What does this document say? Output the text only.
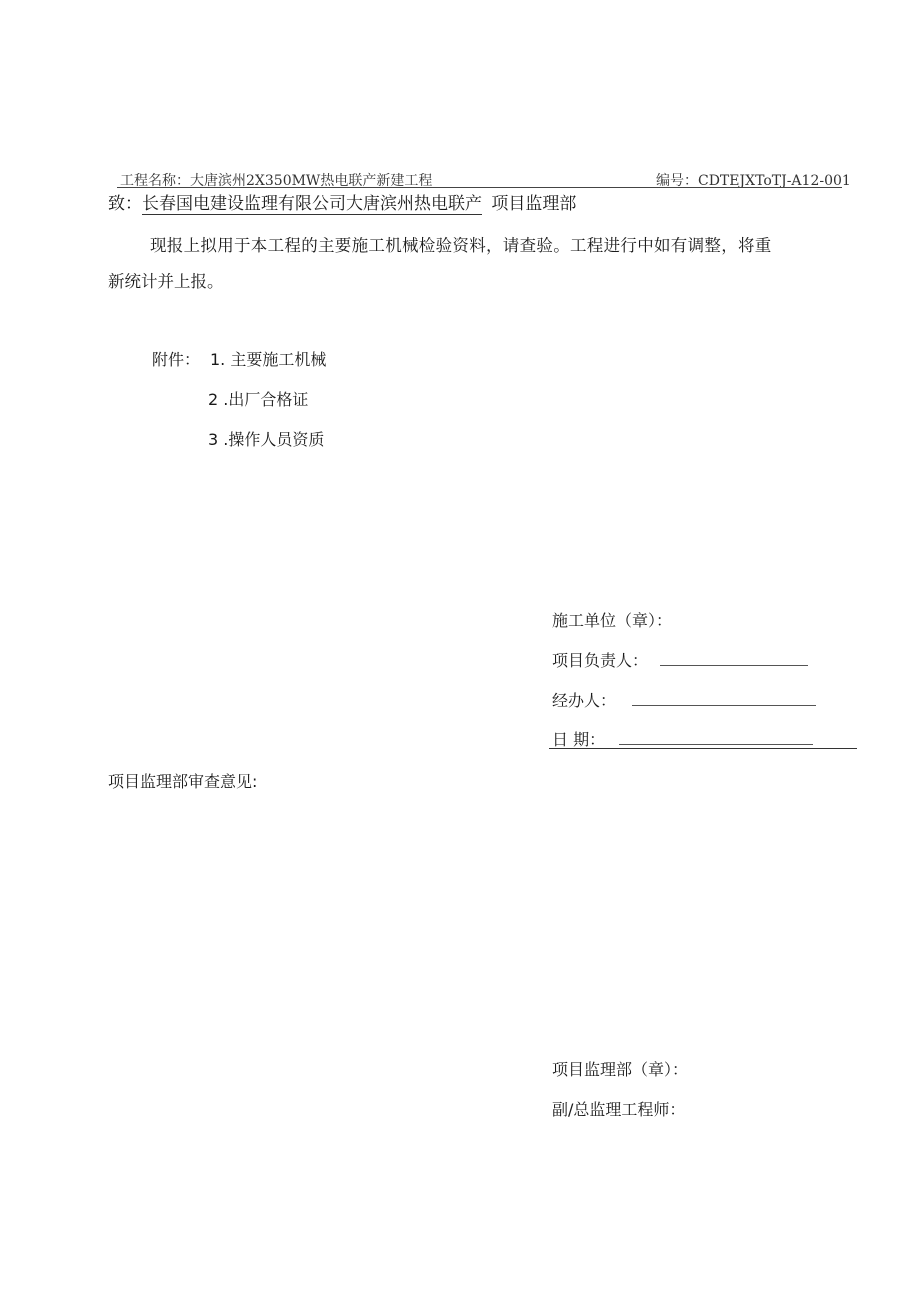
工程名称：大唐滨州2X350MW热电联产新建工程	编号：CDTEJXToTJ-A12-001
致：长春国电建设监理有限公司大唐滨州热电联产 项目监理部
现报上拟用于本工程的主要施工机械检验资料，请查验。工程进行中如有调整，将重
新统计并上报。
附件： 1. 主要施工机械
2 .出厂合格证
3 .操作人员资质
施工单位（章）：
项目负责人：
经办人：
日 期：
项目监理部审查意见:
项目监理部（章）：
副/总监理工程师：
